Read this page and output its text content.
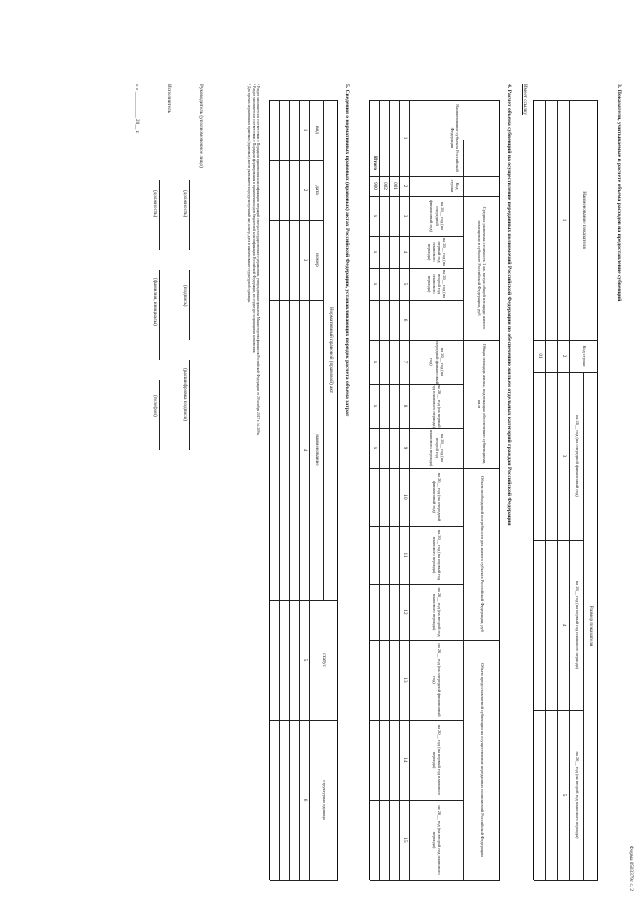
Форма 0503379с с. 2
3. Показатели, учитываемые в расчете объема расходов на предоставление субвенций
Наименование показателя
Код строки
Размер показателя
на 20__ год (на очередной финансовый год)
на 20__ год (на первый год планового периода)
на 20__ год (на второй год планового периода)
1
2
3
4
5
01
Имеет ссылку
4. Расчет объема субвенций на осуществление переданных полномочий Российской Федерации по обеспечению жильем отдельных категорий граждан Российской Федерации
Наименование субъекта Российской Федерации
Код строки
Средняя рыночная стоимость 1 кв. метра общей площади жилого помещения в субъекте Российской Федерации, руб
Общая площадь жилья, подлежащая обеспечению субвенциями, кв.м
Объем необходимой потребности для жилого субъекта Российской Федерации, руб
Объем предоставляемой субвенции на осуществление переданных полномочий Российской Федерации
на 20__ год (на очередной финансовый год)
на 20__ год (на первый год планового периода)
на 20__ год (на второй год планового периода)
на 20__ год (на очередной финансовый год)
на 20__ год (на первый год планового периода)
на 20__ год (на второй год планового периода)
на 20__ год (на очередной финансовый год)
на 20__ год (на первый год планового периода)
на 20__ год (на второй год планового периода)
на 20__ год (на очередной финансовый год)
на 20__ год (на первый год планового периода)
на 20__ год (на второй год планового периода)
1
2
3
4
5
6
7
8
9
10
11
12
13
14
15
001
002
Итого
900
x
x
x
x
x
x
5. Сведения о нормативных правовых (правовых) актах Российской Федерации, устанавливающих порядок расчета объема затрат
Нормативный правовой (правовой) акт
вид
дата
номер
наименование
статус
структурная единица
1
2
3
4
5
6
¹ Раздел заполняется в соответствии с Порядком применения классификации операций сектора государственного управления, утвержденным приказом Министерства финансов Российской Федерации от 29 ноября 2017 г. № 209н.
² Раздел заполняется в соответствии с Порядком формирования и применения кодов бюджетной классификации Российской Федерации, их структуре и принципах назначения.
³ Для прочих нормативных правовых (правовых) актов указываются предусмотренный акт, номер, дата и наименование структурной единицы.
Руководитель (уполномоченное лицо)
(должность)
(подпись)
(расшифровка подписи)
Исполнитель
(должность)
(фамилия, инициалы)
(телефон)
« » __________ 20__ г.
